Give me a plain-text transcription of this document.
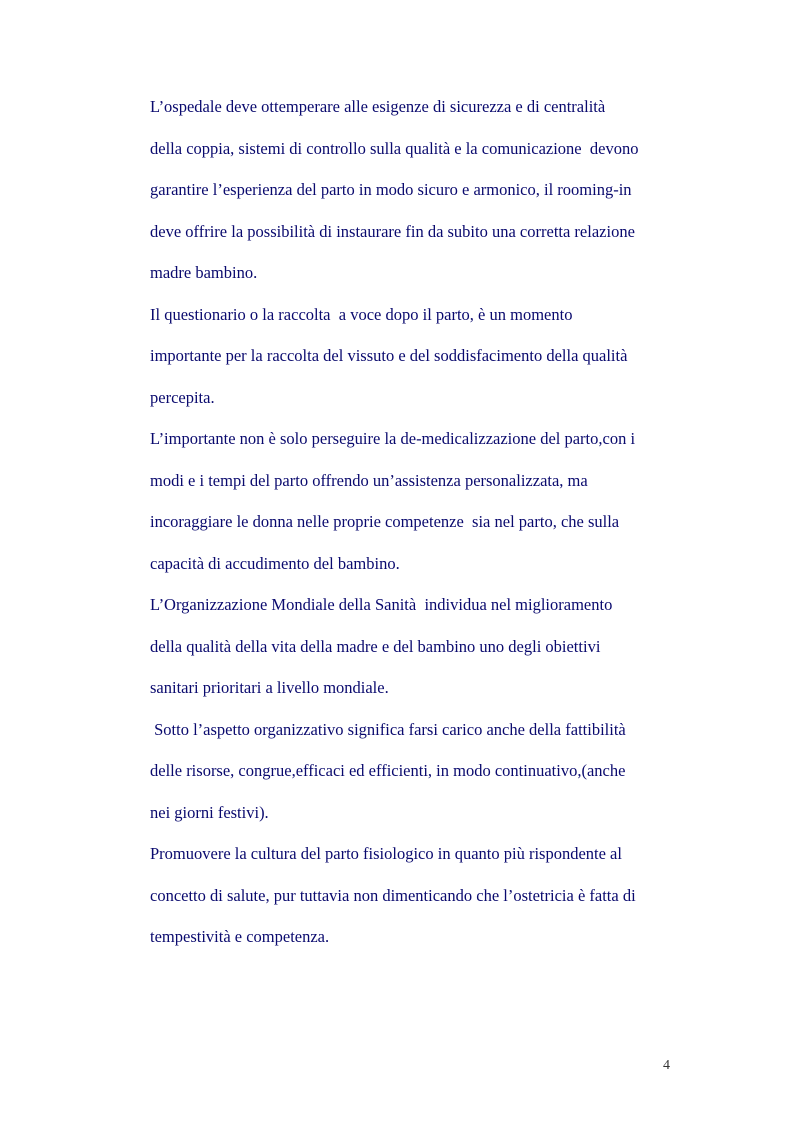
L’ospedale deve ottemperare alle esigenze di sicurezza e di centralità
della coppia, sistemi di controllo sulla qualità e la comunicazione  devono
garantire l’esperienza del parto in modo sicuro e armonico, il rooming-in
deve offrire la possibilità di instaurare fin da subito una corretta relazione
madre bambino.
Il questionario o la raccolta  a voce dopo il parto, è un momento
importante per la raccolta del vissuto e del soddisfacimento della qualità
percepita.
L’importante non è solo perseguire la de-medicalizzazione del parto,con i
modi e i tempi del parto offrendo un’assistenza personalizzata, ma
incoraggiare le donna nelle proprie competenze  sia nel parto, che sulla
capacità di accudimento del bambino.
L’Organizzazione Mondiale della Sanità  individua nel miglioramento
della qualità della vita della madre e del bambino uno degli obiettivi
sanitari prioritari a livello mondiale.
Sotto l’aspetto organizzativo significa farsi carico anche della fattibilità
delle risorse, congrue,efficaci ed efficienti, in modo continuativo,(anche
nei giorni festivi).
Promuovere la cultura del parto fisiologico in quanto più rispondente al
concetto di salute, pur tuttavia non dimenticando che l’ostetricia è fatta di
tempestività e competenza.
4
